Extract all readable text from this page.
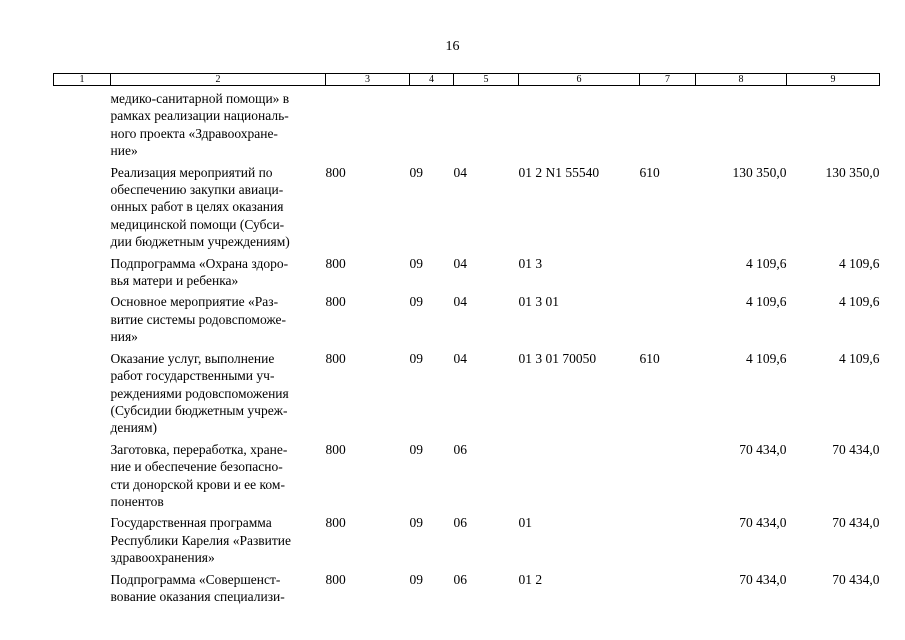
16
1	2	3	4	5	6	7	8	9
	медико-санитарной помощи» в
рамках реализации националь-
ного проекта «Здравоохране-
ние»							
	Реализация мероприятий по
обеспечению закупки авиаци-
онных работ в целях оказания
медицинской помощи (Субси-
дии бюджетным учреждениям)	800	09	04	01 2 N1 55540	610	130 350,0	130 350,0
	Подпрограмма «Охрана здоро-
вья матери и ребенка»	800	09	04	01 3		4 109,6	4 109,6
	Основное мероприятие «Раз-
витие системы родовспоможе-
ния»	800	09	04	01 3 01		4 109,6	4 109,6
	Оказание услуг, выполнение
работ государственными уч-
реждениями родовспоможения
(Субсидии бюджетным учреж-
дениям)	800	09	04	01 3 01 70050	610	4 109,6	4 109,6
	Заготовка, переработка, хране-
ние и обеспечение безопасно-
сти донорской крови и ее ком-
понентов	800	09	06			70 434,0	70 434,0
	Государственная программа
Республики Карелия «Развитие
здравоохранения»	800	09	06	01		70 434,0	70 434,0
	Подпрограмма «Совершенст-
вование оказания специализи-	800	09	06	01 2		70 434,0	70 434,0
